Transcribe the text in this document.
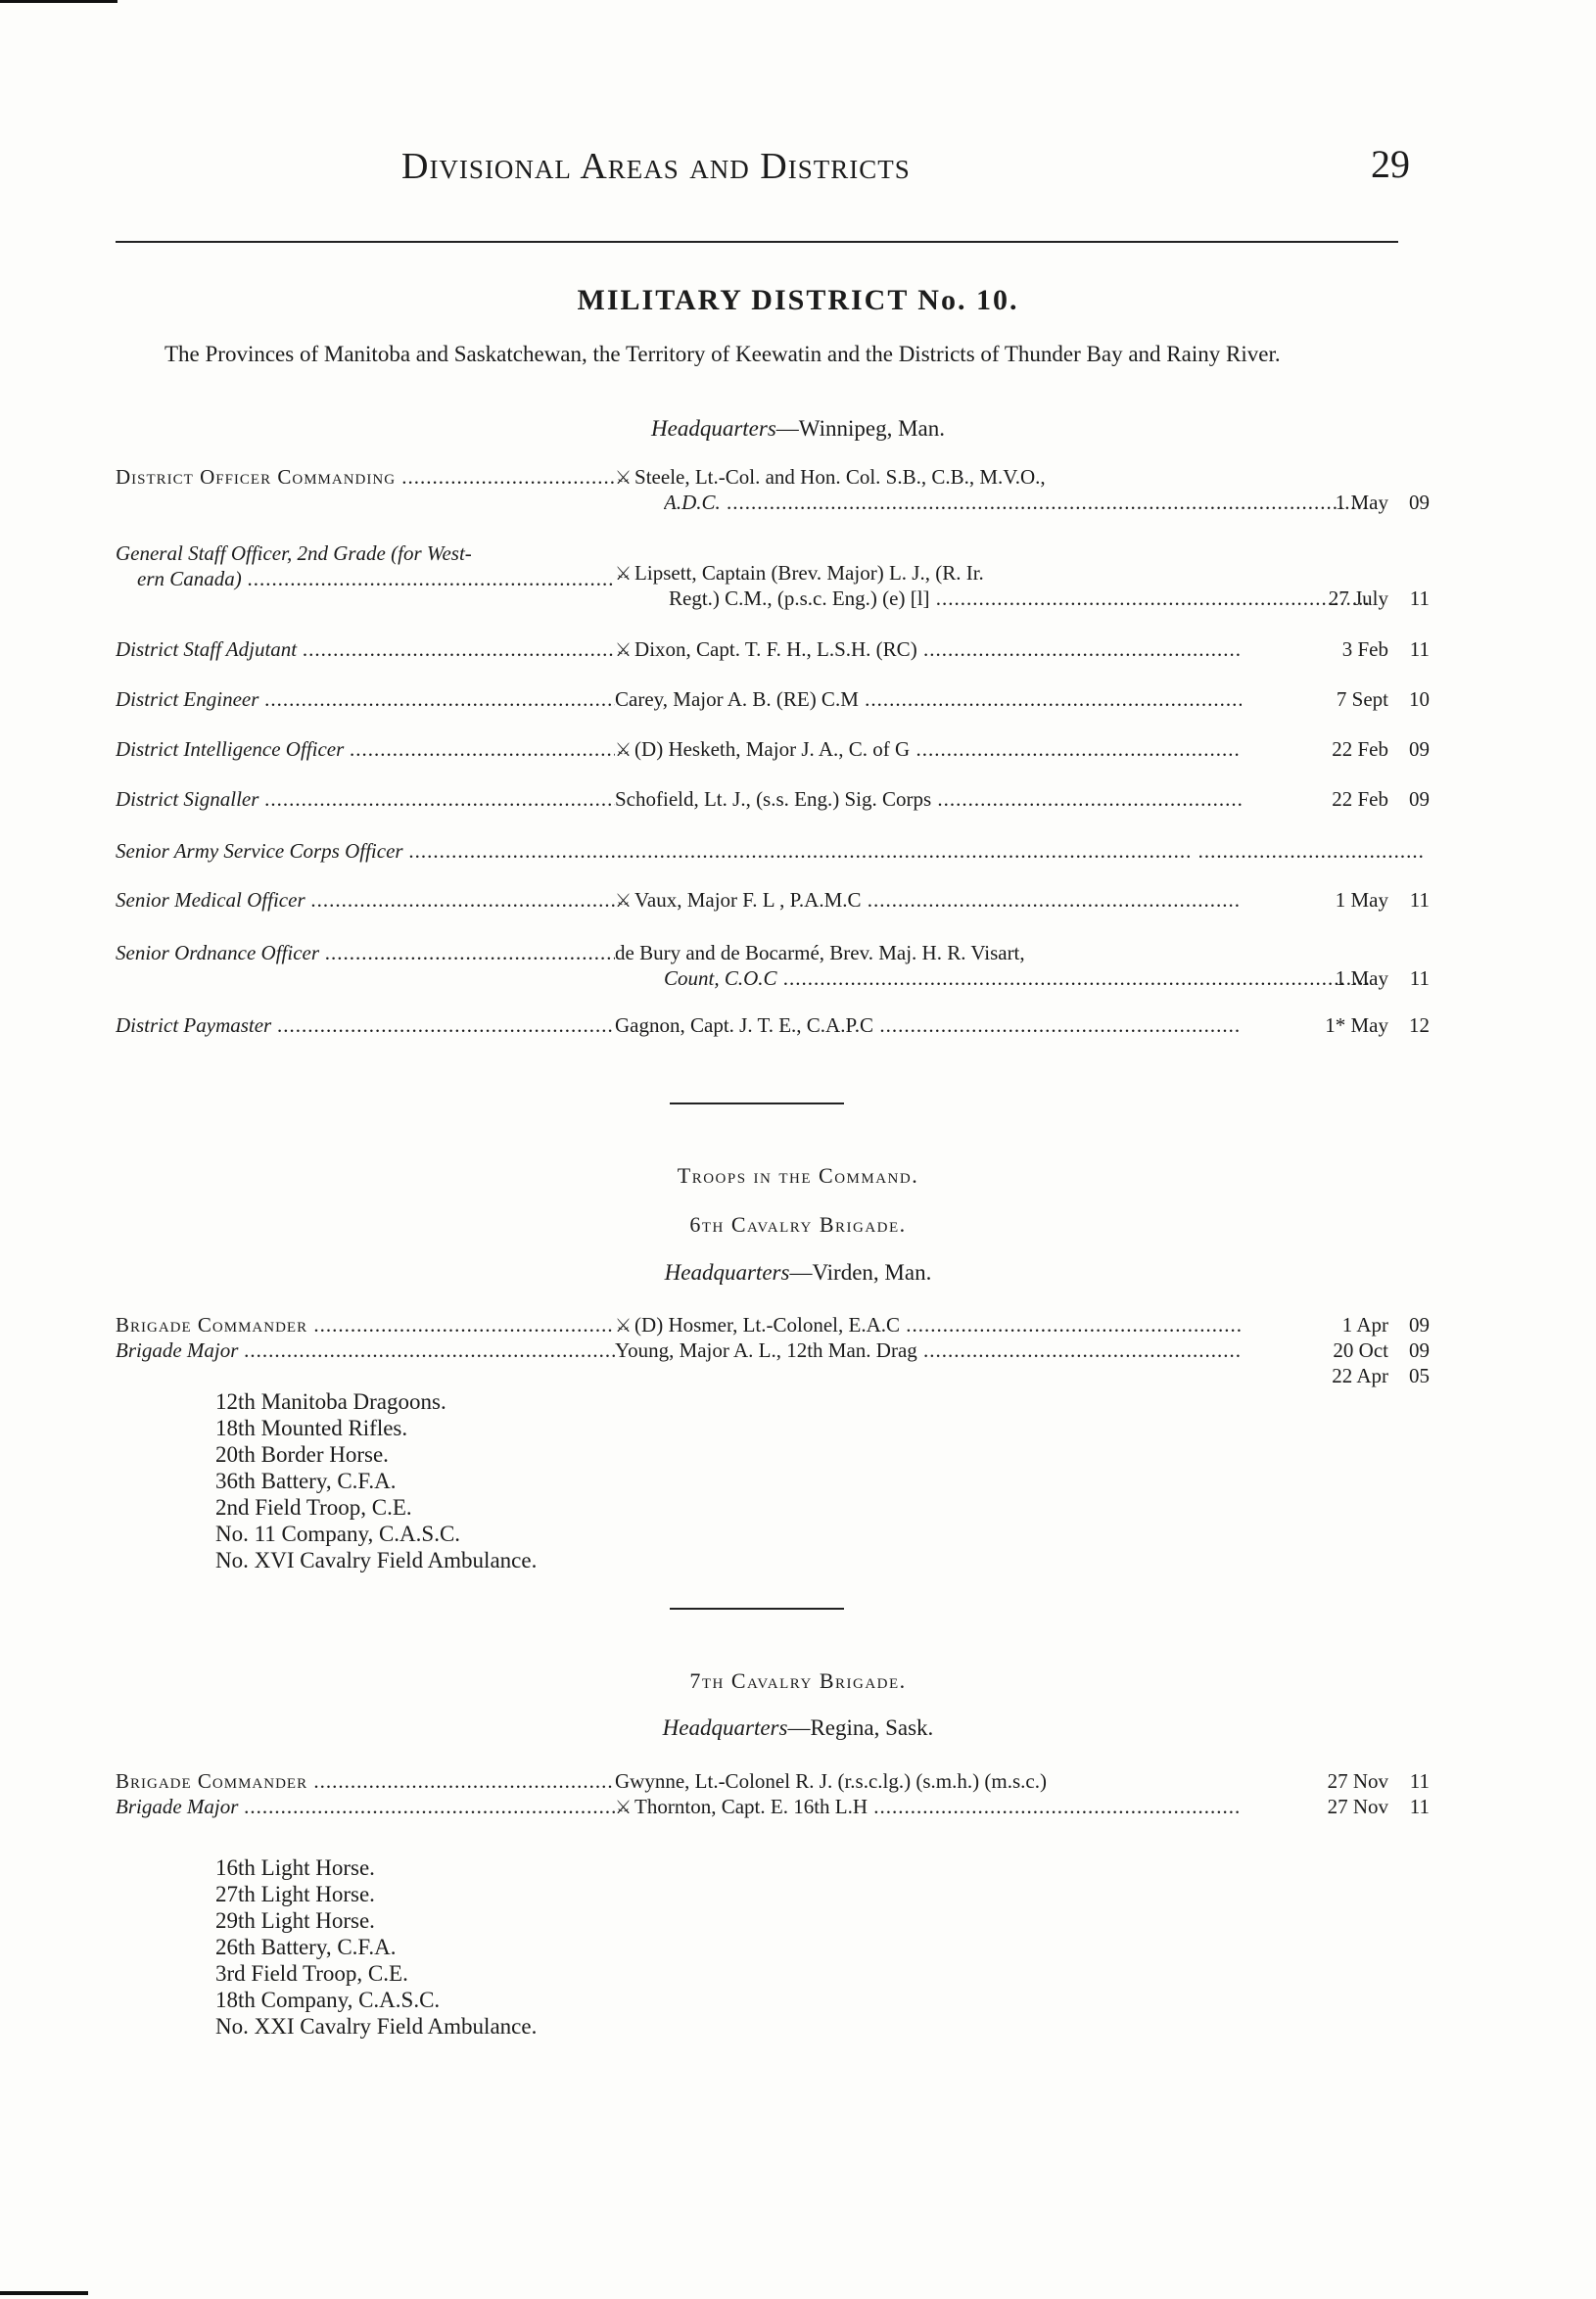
Divisional Areas and Districts	29
MILITARY DISTRICT No. 10.
The Provinces of Manitoba and Saskatchewan, the Territory of Keewatin and the Districts of Thunder Bay and Rainy River.
Headquarters—Winnipeg, Man.
District Officer Commanding .....	⚔ Steele, Lt.-Col. and Hon. Col. S.B., C.B., M.V.O.,
A.D.C. .....	1 May	09
General Staff Officer, 2nd Grade (for West-
ern Canada) .....	⚔ Lipsett, Captain (Brev. Major) L. J., (R. Ir.
Regt.) C.M., (p.s.c. Eng.) (e) [l] .....	27 July	11
District Staff Adjutant .....	⚔ Dixon, Capt. T. F. H., L.S.H. (RC) .....	3 Feb	11
District Engineer .....	Carey, Major A. B. (RE) C.M .....	7 Sept	10
District Intelligence Officer .....	⚔ (D) Hesketh, Major J. A., C. of G .....	22 Feb	09
District Signaller .....	Schofield, Lt. J., (s.s. Eng.) Sig. Corps .....	22 Feb	09
Senior Army Service Corps Officer ..... .....
Senior Medical Officer .....	⚔ Vaux, Major F. L , P.A.M.C .....	1 May	11
Senior Ordnance Officer .....	de Bury and de Bocarmé, Brev. Maj. H. R. Visart,
Count, C.O.C .....	1 May	11
District Paymaster .....	Gagnon, Capt. J. T. E., C.A.P.C .....	1* May	12
Troops in the Command.
6th Cavalry Brigade.
Headquarters—Virden, Man.
Brigade Commander .....	⚔ (D) Hosmer, Lt.-Colonel, E.A.C .....	1 Apr	09
Brigade Major .....	Young, Major A. L., 12th Man. Drag .....	20 Oct	09
22 Apr	05
12th Manitoba Dragoons.
18th Mounted Rifles.
20th Border Horse.
36th Battery, C.F.A.
2nd Field Troop, C.E.
No. 11 Company, C.A.S.C.
No. XVI Cavalry Field Ambulance.
7th Cavalry Brigade.
Headquarters—Regina, Sask.
Brigade Commander .....	Gwynne, Lt.-Colonel R. J. (r.s.c.lg.) (s.m.h.) (m.s.c.)	27 Nov	11
Brigade Major .....	⚔ Thornton, Capt. E. 16th L.H .....	27 Nov	11
16th Light Horse.
27th Light Horse.
29th Light Horse.
26th Battery, C.F.A.
3rd Field Troop, C.E.
18th Company, C.A.S.C.
No. XXI Cavalry Field Ambulance.
